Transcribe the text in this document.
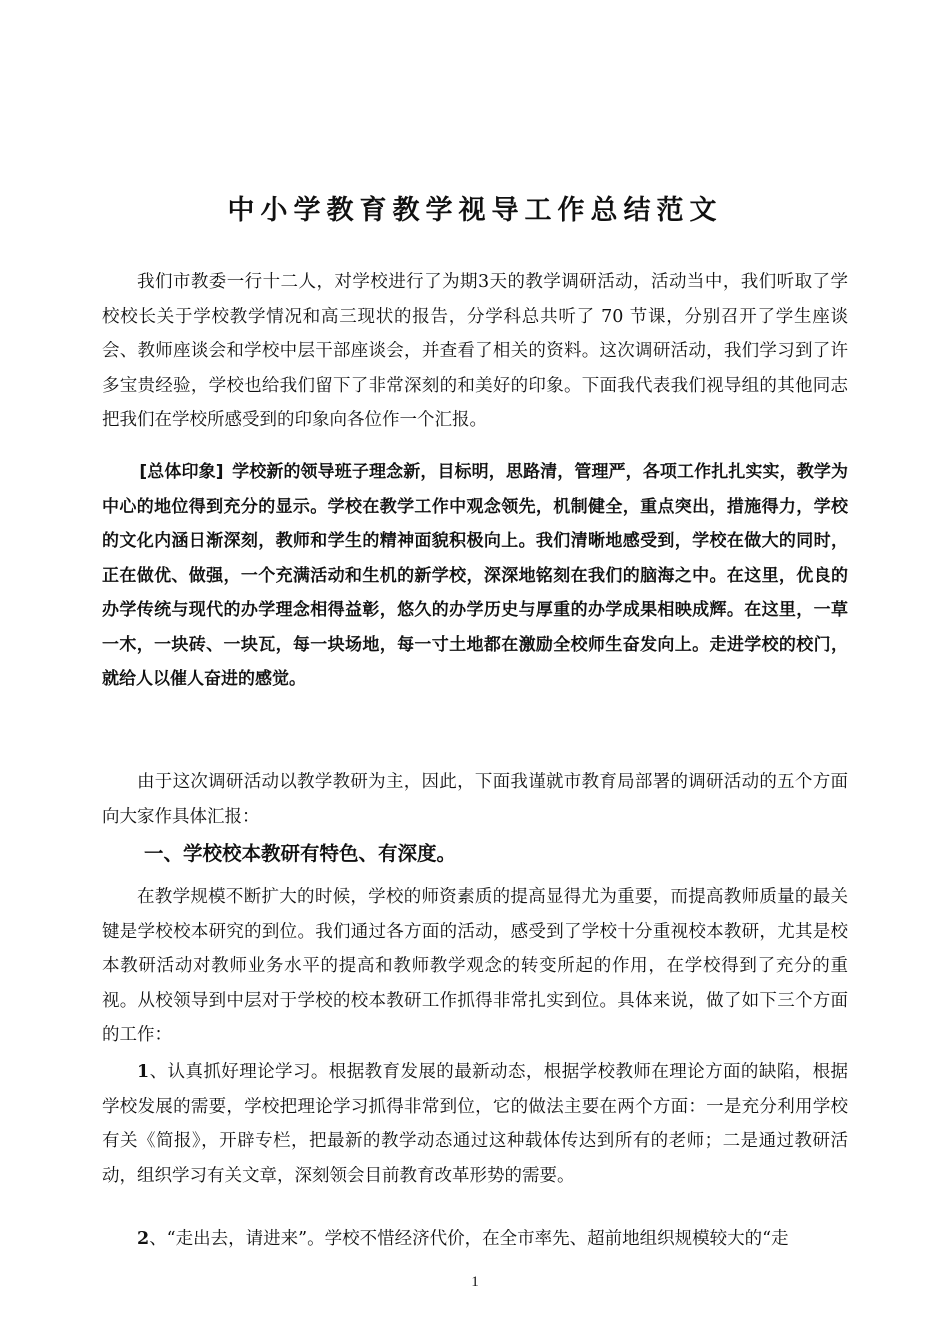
中小学教育教学视导工作总结范文

我们市教委一行十二人，对学校进行了为期3天的教学调研活动，活动当中，我们听取了学校校长关于学校教学情况和高三现状的报告，分学科总共听了 70 节课，分别召开了学生座谈会、教师座谈会和学校中层干部座谈会，并查看了相关的资料。这次调研活动，我们学习到了许多宝贵经验，学校也给我们留下了非常深刻的和美好的印象。下面我代表我们视导组的其他同志把我们在学校所感受到的印象向各位作一个汇报。

[总体印象]  学校新的领导班子理念新，目标明，思路清，管理严，各项工作扎扎实实，教学为中心的地位得到充分的显示。学校在教学工作中观念领先，机制健全，重点突出，措施得力，学校的文化内涵日渐深刻，教师和学生的精神面貌积极向上。我们清晰地感受到，学校在做大的同时，正在做优、做强，一个充满活动和生机的新学校，深深地铭刻在我们的脑海之中。在这里，优良的办学传统与现代的办学理念相得益彰，悠久的办学历史与厚重的办学成果相映成辉。在这里，一草一木，一块砖、一块瓦，每一块场地，每一寸土地都在激励全校师生奋发向上。走进学校的校门，就给人以催人奋进的感觉。

由于这次调研活动以教学教研为主，因此，下面我谨就市教育局部署的调研活动的五个方面向大家作具体汇报：

一、学校校本教研有特色、有深度。

在教学规模不断扩大的时候，学校的师资素质的提高显得尤为重要，而提高教师质量的最关键是学校校本研究的到位。我们通过各方面的活动，感受到了学校十分重视校本教研，尤其是校本教研活动对教师业务水平的提高和教师教学观念的转变所起的作用，在学校得到了充分的重视。从校领导到中层对于学校的校本教研工作抓得非常扎实到位。具体来说，做了如下三个方面的工作：

1、认真抓好理论学习。根据教育发展的最新动态，根据学校教师在理论方面的缺陷，根据学校发展的需要，学校把理论学习抓得非常到位，它的做法主要在两个方面：一是充分利用学校有关《简报》，开辟专栏，把最新的教学动态通过这种载体传达到所有的老师；二是通过教研活动，组织学习有关文章，深刻领会目前教育改革形势的需要。

2、“走出去，请进来”。学校不惜经济代价，在全市率先、超前地组织规模较大的“走

1
